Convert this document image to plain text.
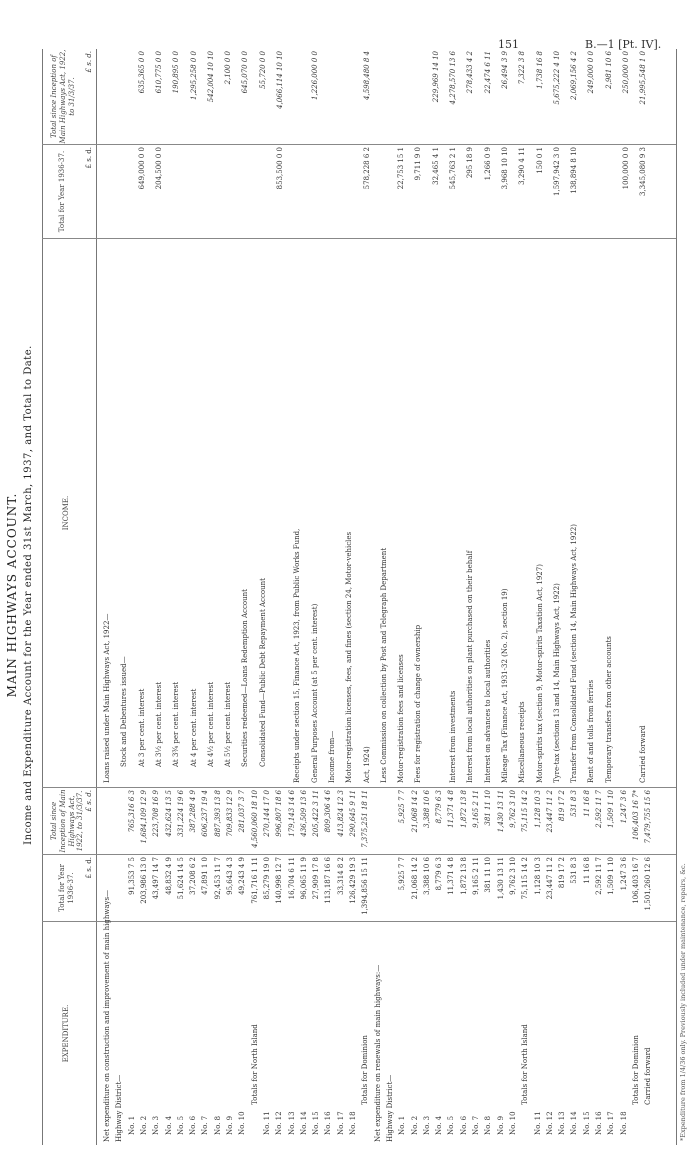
151	B.—1 [Pt. IV].
MAIN HIGHWAYS ACCOUNT. Income and Expenditure Account for the Year ended 31st March, 1937, and Total to Date.
EXPENDITURE.
Total for Year 1936-37.
Total since Inception of Main Highways Act, 1922, to 31/3/37.
INCOME.
Total for Year 1936-37.
Total since Inception of Main Highways Act, 1922, to 31/3/37.
£ s. d.
£ s. d.
£ s. d.
£ s. d.
Net expenditure on construction and improvement of main highways— Highway District— No. 1
91,353 7 5
765,316 6 3
No. 2
203,986 13 0
1,684,109 12 9
No. 3
43,497 14 7
223,708 16 9
No. 4
48,832 4 9
432,624 13 5
No. 5
51,624 14 5
331,224 19 6
No. 6
37,208 6 2
387,288 4 9
No. 7
47,891 1 0
606,237 19 4
No. 8
92,453 11 7
887,393 13 8
No. 9
95,643 4 3
709,833 12 9
No. 10
49,243 4 9
281,037 3 7
Totals for North Island
761,716 1 11
4,560,060 18 10
No. 11
85,279 19 0
270,144 17 0
No. 12
140,998 12 7
996,807 18 6
No. 13
16,704 6 11
179,143 14 6
No. 14
96,065 11 9
436,509 13 6
No. 15
27,909 17 8
205,422 3 11
No. 16
113,187 16 6
809,306 4 6
No. 17
33,314 8 2
413,824 12 3
No. 18
126,429 19 3
290,645 9 11
Totals for Dominion
1,394,856 15 11
7,375,251 18 11
Net expenditure on renewals of main highways:— Highway District— No. 1
5,925 7 7
5,925 7 7
No. 2
21,068 14 2
21,068 14 2
No. 3
3,388 10 6
3,388 10 6
No. 4
8,779 6 3
8,779 6 3
No. 5
11,371 4 8
11,371 4 8
No. 6
1,872 13 8
1,872 13 8
No. 7
9,165 2 11
9,165 2 11
No. 8
381 11 10
381 11 10
No. 9
1,430 13 11
1,430 13 11
No. 10
9,762 3 10
9,762 3 10
Totals for North Island
75,115 14 2
75,115 14 2
No. 11
1,128 10 3
1,128 10 3
No. 12
23,447 11 2
23,447 11 2
No. 13
819 17 2
819 17 2
No. 14
531 8 3
531 8 3
No. 15
11 16 8
11 16 8
No. 16
2,592 11 7
2,592 11 7
No. 17
1,509 1 10
1,509 1 10
No. 18
1,247 3 6
1,247 3 6
Totals for Dominion
106,403 16 7
106,403 16 7*
Carried forward
1,501,260 12 6
7,479,755 15 6
Loans raised under Main Highways Act, 1922— Stock and Debentures issued— At 3 per cent. interest
649,000 0 0
635,365 0 0
At 3½ per cent. interest
204,500 0 0
610,775 0 0
At 3¾ per cent. interest
190,895 0 0
At 4 per cent. interest
1,295,258 0 0
At 4½ per cent. interest
542,004 10 10
At 5½ per cent. interest
2,100 0 0
Securities redeemed—Loans Redemption Account
645,070 0 0
Consolidated Fund—Public Debt Repayment Account
55,720 0 0
853,500 0 0
4,066,114 10 10
Receipts under section 15, Finance Act, 1923, from Public Works Fund, General Purposes Account (at 5 per cent. interest)
1,226,000 0 0
Income from— Motor-registration licenses, fees, and fines (section 24, Motor-vehicles Act, 1924)
578,228 6 2
4,598,480 8 4
Less Commission on collection by Post and Telegraph Department Motor-registration fees and licenses
22,753 15 1
Fees for registration of change of ownership
9,711 9 0 32,465 4 1
229,969 14 10
Interest from investments
545,763 2 1
4,278,570 13 6
Interest from local authorities on plant purchased on their behalf
295 18 9
278,433 4 2
Interest on advances to local authorities
1,266 0 9
22,474 6 11
Mileage Tax (Finance Act, 1931-32 (No. 2), section 19)
3,968 10 10
26,494 3 9
Miscellaneous receipts
3,290 4 11
7,322 3 8
Motor-spirits tax (section 9, Motor-spirits Taxation Act, 1927)
150 0 1
1,738 16 8
Tyre-tax (sections 13 and 14, Main Highways Act, 1922)
1,597,942 3 0
5,675,222 4 10
Transfer from Consolidated Fund (section 14, Main Highways Act, 1922)
138,894 8 10
2,069,156 4 2
Rent of and tolls from ferries
249,000 0 0
Temporary transfers from other accounts
2,981 10 6
100,000 0 0
250,000 0 0
Carried forward
3,345,080 9 3
21,995,548 1 0
*Expenditure from 1/4/36 only. Previously included under maintenance, repairs, &c.
